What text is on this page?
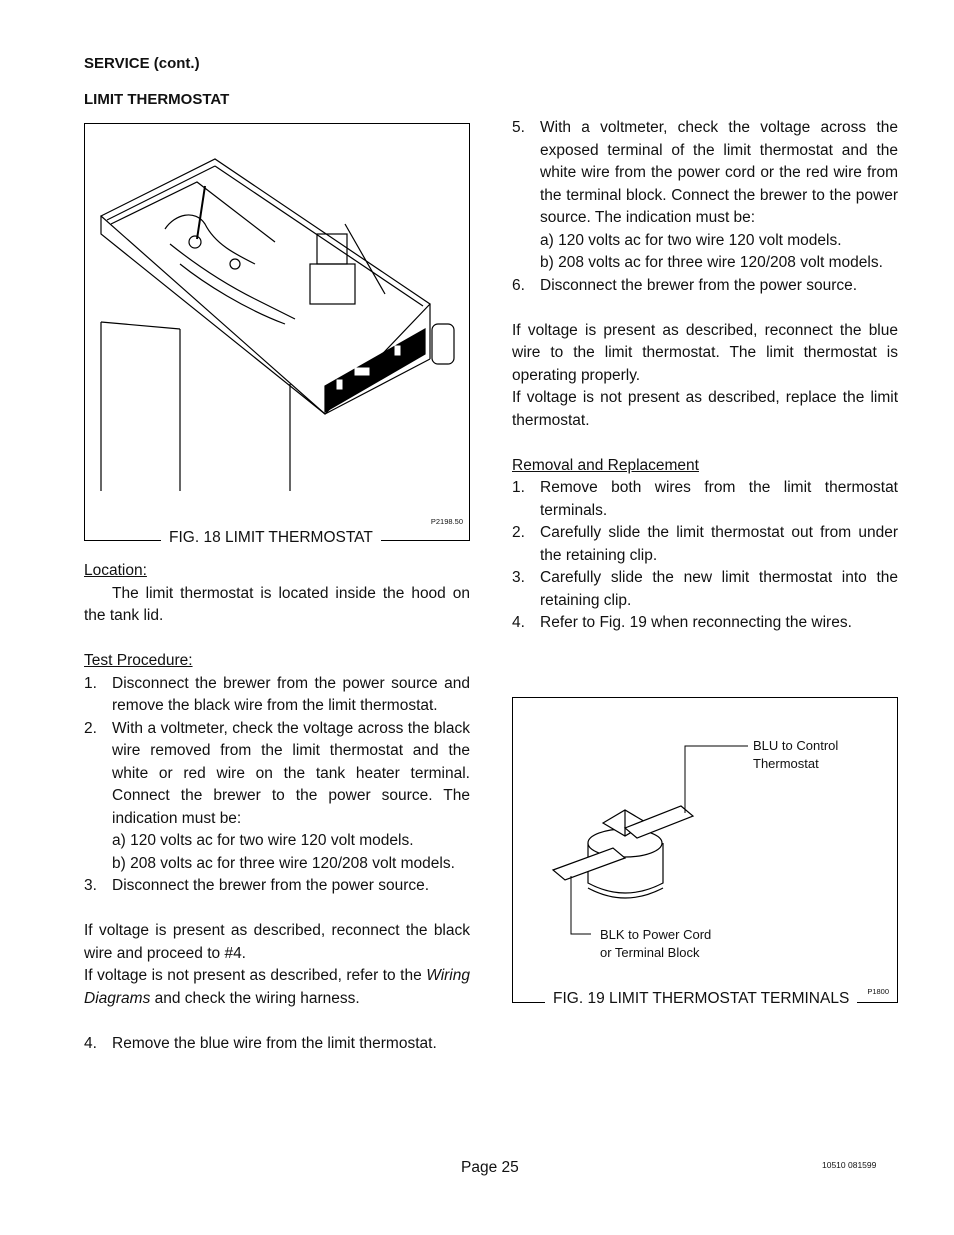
SERVICE (cont.)
LIMIT THERMOSTAT
BUNN
P2198.50
FIG. 18 LIMIT THERMOSTAT
Location:
The limit thermostat is located inside the hood on the tank lid.
Test Procedure:
1. Disconnect the brewer from the power source and remove the black wire from the limit thermostat.
2. With a voltmeter, check the voltage across the black wire removed from the limit thermostat and the white or red wire on the tank heater terminal. Connect the brewer to the power source. The indication must be:
a) 120 volts ac for two wire 120 volt models.
b) 208 volts ac for three wire 120/208 volt models.
3. Disconnect the brewer from the power source.
If voltage is present as described, reconnect the black wire and proceed to #4.
If voltage is not present as described, refer to the Wiring Diagrams and check the wiring harness.
4. Remove the blue wire from the limit thermostat.
5. With a voltmeter, check the voltage across the exposed terminal of the limit thermostat and the white wire from the power cord or the red wire from the terminal block. Connect the brewer to the power source. The indication must be:
a) 120 volts ac for two wire 120 volt models.
b) 208 volts ac for three wire 120/208 volt models.
6. Disconnect the brewer from the power source.
If voltage is present as described, reconnect the blue wire to the limit thermostat. The limit thermostat is operating properly.
If voltage is not present as described, replace the limit thermostat.
Removal and Replacement
1. Remove both wires from the limit thermostat terminals.
2. Carefully slide the limit thermostat out from under the retaining clip.
3. Carefully slide the new limit thermostat into the retaining clip.
4. Refer to Fig. 19 when reconnecting the wires.
BLU to Control
Thermostat
BLK to Power Cord
or Terminal Block
P1800
FIG. 19 LIMIT THERMOSTAT TERMINALS
Page 25	10510 081599
